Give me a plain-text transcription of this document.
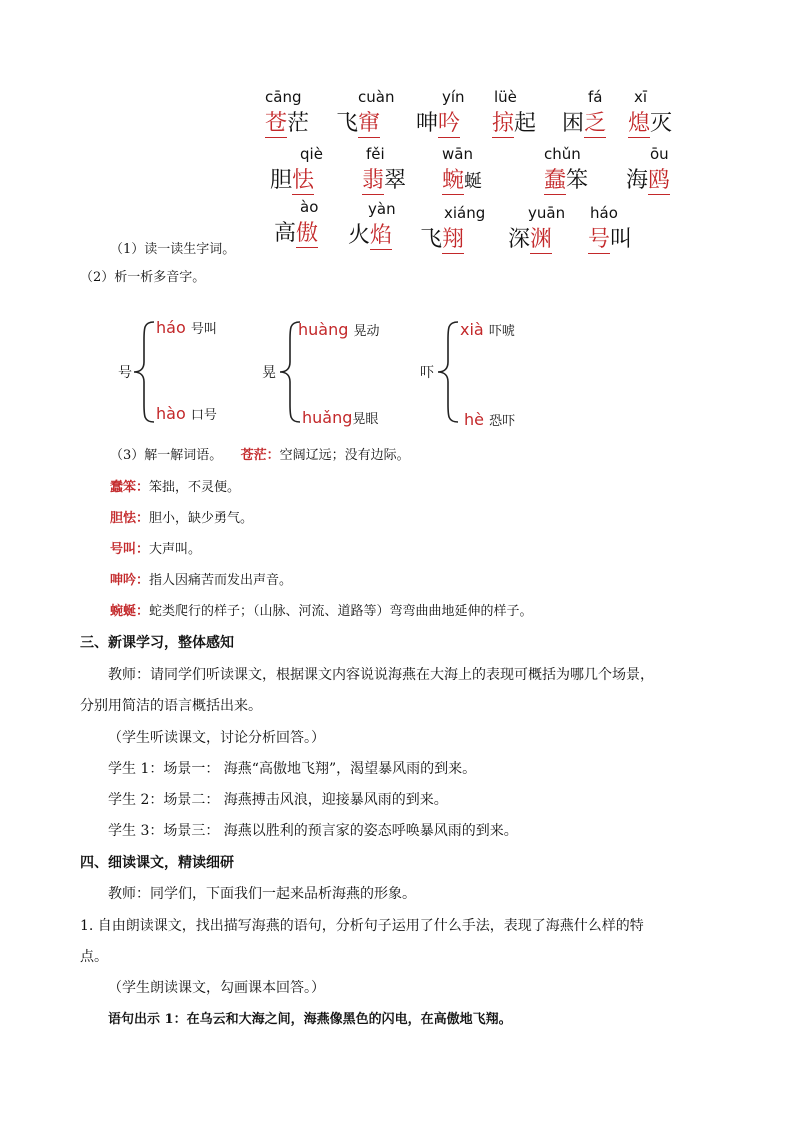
cāng
苍茫
cuàn
飞窜
yín
呻吟
lüè
掠起
fá
困乏
xī
熄灭
qiè
胆怯
fěi
翡翠
wān
蜿蜒
chǔn
蠢笨
ōu
海鸥
ào
高傲
yàn
火焰
xiáng
飞翔
yuān
深渊
háo
号叫
（1）读一读生字词。
（2）析一析多音字。
号
háo 号叫
hào 口号
晃
huàng 晃动
huǎng晃眼
吓
xià 吓唬
hè 恐吓
（3）解一解词语。 苍茫：空阔辽远；没有边际。
蠢笨：笨拙，不灵便。
胆怯：胆小，缺少勇气。
号叫：大声叫。
呻吟：指人因痛苦而发出声音。
蜿蜒：蛇类爬行的样子；（山脉、河流、道路等）弯弯曲曲地延伸的样子。
三、新课学习，整体感知
教师：请同学们听读课文，根据课文内容说说海燕在大海上的表现可概括为哪几个场景，
分别用简洁的语言概括出来。
（学生听读课文，讨论分析回答。）
学生 1：场景一： 海燕“高傲地飞翔”，渴望暴风雨的到来。
学生 2：场景二： 海燕搏击风浪，迎接暴风雨的到来。
学生 3：场景三： 海燕以胜利的预言家的姿态呼唤暴风雨的到来。
四、细读课文，精读细研
教师：同学们，下面我们一起来品析海燕的形象。
1. 自由朗读课文，找出描写海燕的语句，分析句子运用了什么手法，表现了海燕什么样的特
点。
（学生朗读课文，勾画课本回答。）
语句出示 1：在乌云和大海之间，海燕像黑色的闪电，在高傲地飞翔。
